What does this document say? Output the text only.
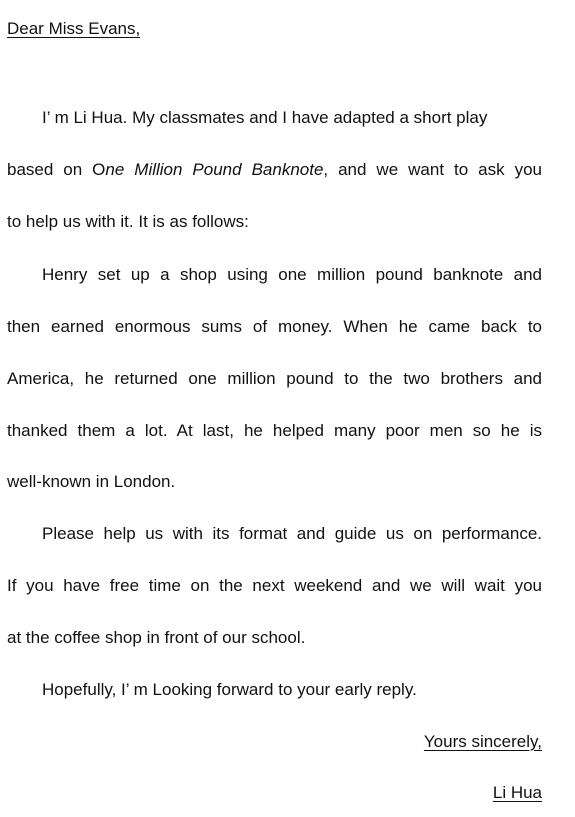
Dear Miss Evans,
I’ m Li Hua. My classmates and I have adapted a short play
based on One Million Pound Banknote, and we want to ask you
to help us with it. It is as follows:
Henry set up a shop using one million pound banknote and
then earned enormous sums of money. When he came back to
America, he returned one million pound to the two brothers and
thanked them a lot. At last, he helped many poor men so he is
well-known in London.
Please help us with its format and guide us on performance.
If you have free time on the next weekend and we will wait you
at the coffee shop in front of our school.
Hopefully, I’ m Looking forward to your early reply.
Yours sincerely,
Li Hua
